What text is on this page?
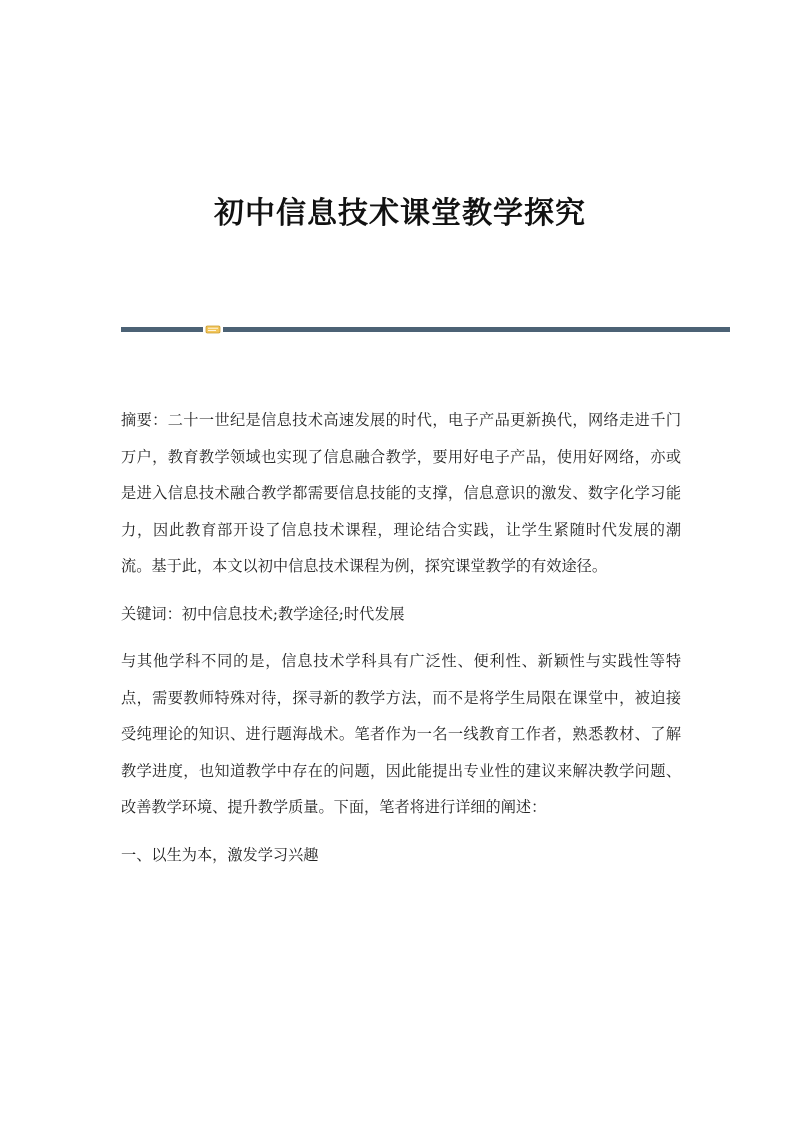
初中信息技术课堂教学探究

摘要：二十一世纪是信息技术高速发展的时代，电子产品更新换代，网络走进千门万户，教育教学领域也实现了信息融合教学，要用好电子产品，使用好网络，亦或是进入信息技术融合教学都需要信息技能的支撑，信息意识的激发、数字化学习能力，因此教育部开设了信息技术课程，理论结合实践，让学生紧随时代发展的潮流。基于此，本文以初中信息技术课程为例，探究课堂教学的有效途径。

关键词：初中信息技术;教学途径;时代发展

与其他学科不同的是，信息技术学科具有广泛性、便利性、新颖性与实践性等特点，需要教师特殊对待，探寻新的教学方法，而不是将学生局限在课堂中，被迫接受纯理论的知识、进行题海战术。笔者作为一名一线教育工作者，熟悉教材、了解教学进度，也知道教学中存在的问题，因此能提出专业性的建议来解决教学问题、改善教学环境、提升教学质量。下面，笔者将进行详细的阐述：

一、以生为本，激发学习兴趣
